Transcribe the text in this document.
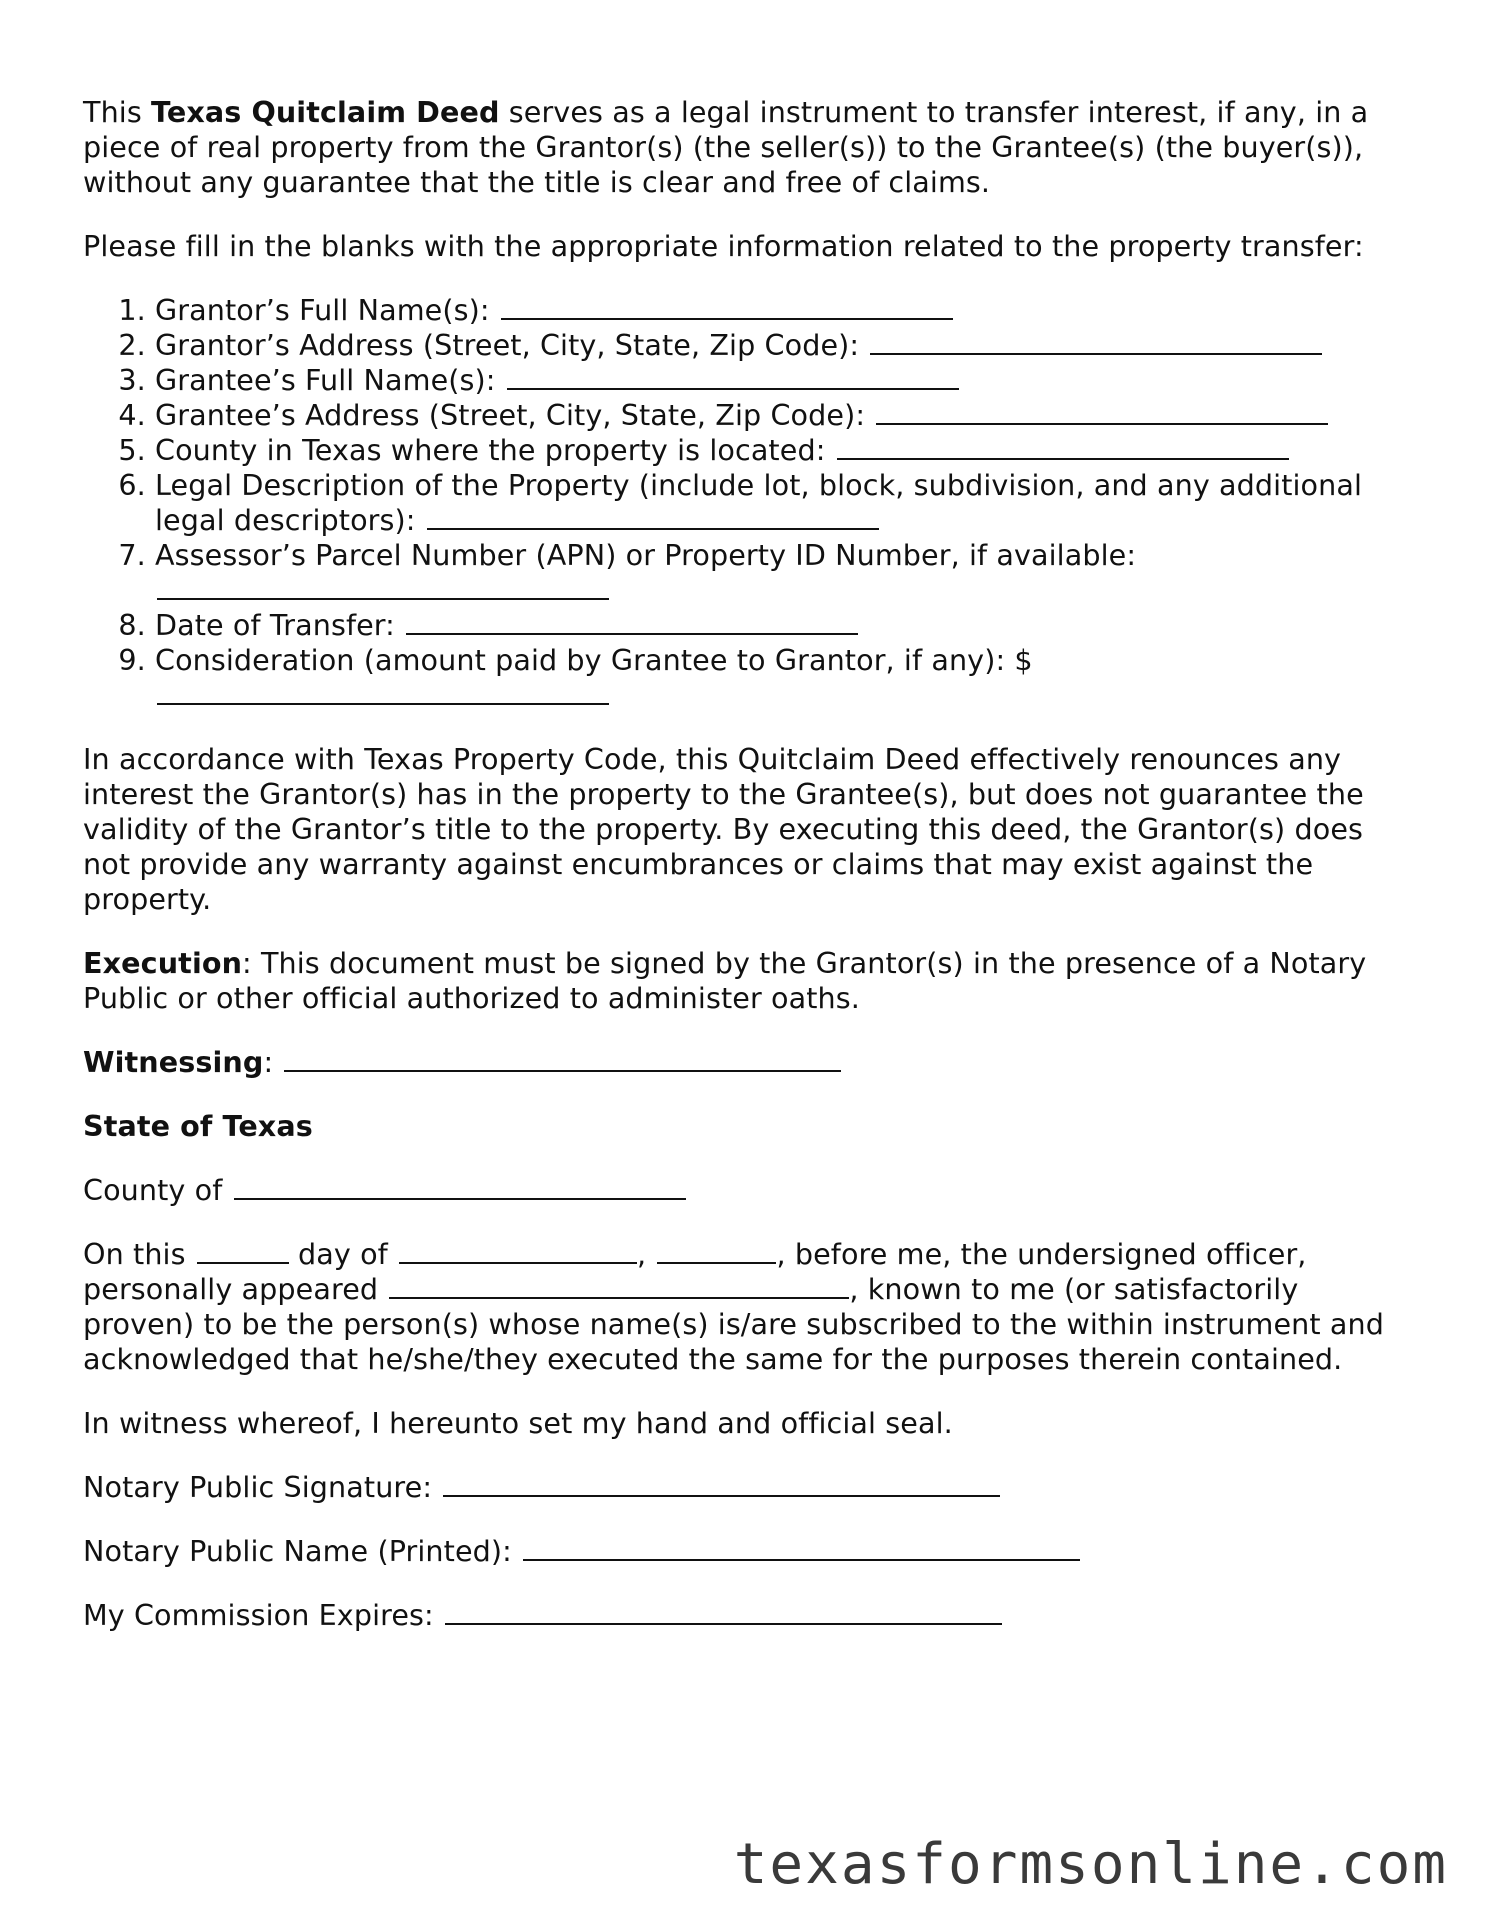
This Texas Quitclaim Deed serves as a legal instrument to transfer interest, if any, in a piece of real property from the Grantor(s) (the seller(s)) to the Grantee(s) (the buyer(s)), without any guarantee that the title is clear and free of claims.

Please fill in the blanks with the appropriate information related to the property transfer:

1. Grantor’s Full Name(s):
2. Grantor’s Address (Street, City, State, Zip Code):
3. Grantee’s Full Name(s):
4. Grantee’s Address (Street, City, State, Zip Code):
5. County in Texas where the property is located:
6. Legal Description of the Property (include lot, block, subdivision, and any additional legal descriptors):
7. Assessor’s Parcel Number (APN) or Property ID Number, if available:
8. Date of Transfer:
9. Consideration (amount paid by Grantee to Grantor, if any): $

In accordance with Texas Property Code, this Quitclaim Deed effectively renounces any interest the Grantor(s) has in the property to the Grantee(s), but does not guarantee the validity of the Grantor’s title to the property. By executing this deed, the Grantor(s) does not provide any warranty against encumbrances or claims that may exist against the property.

Execution: This document must be signed by the Grantor(s) in the presence of a Notary Public or other official authorized to administer oaths.

Witnessing:

State of Texas

County of

On this	day of	,	, before me, the undersigned officer, personally appeared	, known to me (or satisfactorily proven) to be the person(s) whose name(s) is/are subscribed to the within instrument and acknowledged that he/she/they executed the same for the purposes therein contained.

In witness whereof, I hereunto set my hand and official seal.

Notary Public Signature:

Notary Public Name (Printed):

My Commission Expires:

texasformsonline.com
